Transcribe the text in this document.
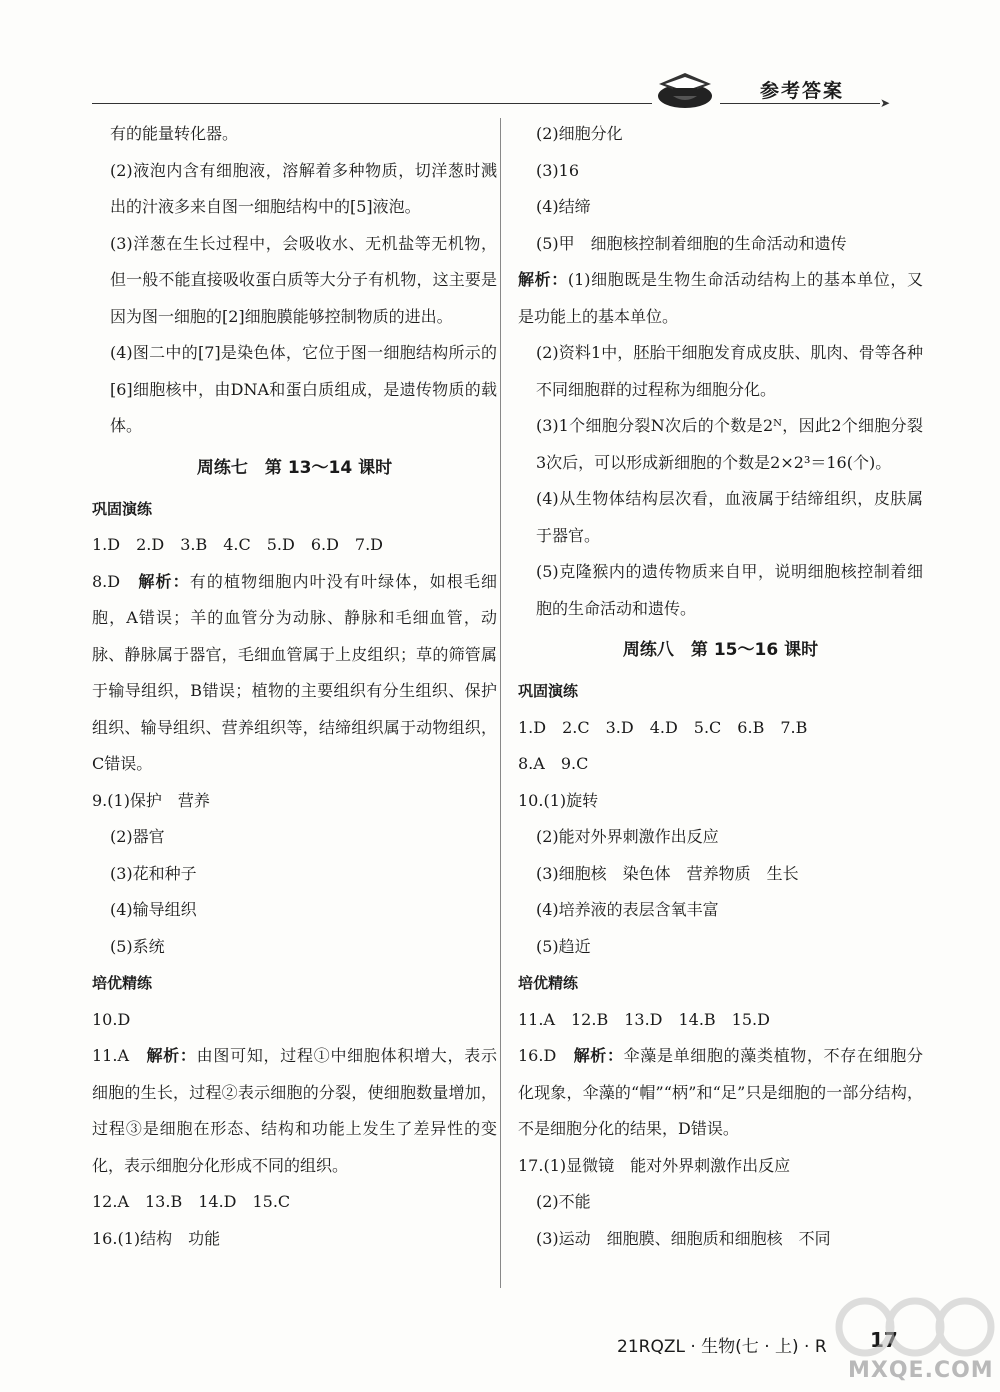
参考答案
➤

有的能量转化器。

(2)液泡内含有细胞液，溶解着多种物质，切洋葱时溅出的汁液多来自图一细胞结构中的[5]液泡。

(3)洋葱在生长过程中，会吸收水、无机盐等无机物，但一般不能直接吸收蛋白质等大分子有机物，这主要是因为图一细胞的[2]细胞膜能够控制物质的进出。

(4)图二中的[7]是染色体，它位于图一细胞结构所示的[6]细胞核中，由DNA和蛋白质组成，是遗传物质的载体。

周练七　第 13～14 课时

巩固演练

1.D　2.D　3.B　4.C　5.D　6.D　7.D

8.D　解析：有的植物细胞内叶没有叶绿体，如根毛细胞，A错误；羊的血管分为动脉、静脉和毛细血管，动脉、静脉属于器官，毛细血管属于上皮组织；草的筛管属于输导组织，B错误；植物的主要组织有分生组织、保护组织、输导组织、营养组织等，结缔组织属于动物组织，C错误。

9.(1)保护　营养

(2)器官

(3)花和种子

(4)输导组织

(5)系统

培优精练

10.D

11.A　解析：由图可知，过程①中细胞体积增大，表示细胞的生长，过程②表示细胞的分裂，使细胞数量增加，过程③是细胞在形态、结构和功能上发生了差异性的变化，表示细胞分化形成不同的组织。

12.A　13.B　14.D　15.C

16.(1)结构　功能

(2)细胞分化

(3)16

(4)结缔

(5)甲　细胞核控制着细胞的生命活动和遗传

解析：(1)细胞既是生物生命活动结构上的基本单位，又是功能上的基本单位。

(2)资料1中，胚胎干细胞发育成皮肤、肌肉、骨等各种不同细胞群的过程称为细胞分化。

(3)1个细胞分裂N次后的个数是2ᴺ，因此2个细胞分裂3次后，可以形成新细胞的个数是2×2³＝16(个)。

(4)从生物体结构层次看，血液属于结缔组织，皮肤属于器官。

(5)克隆猴内的遗传物质来自甲，说明细胞核控制着细胞的生命活动和遗传。

周练八　第 15～16 课时

巩固演练

1.D　2.C　3.D　4.D　5.C　6.B　7.B

8.A　9.C

10.(1)旋转

(2)能对外界刺激作出反应

(3)细胞核　染色体　营养物质　生长

(4)培养液的表层含氧丰富

(5)趋近

培优精练

11.A　12.B　13.D　14.B　15.D

16.D　解析：伞藻是单细胞的藻类植物，不存在细胞分化现象，伞藻的“帽”“柄”和“足”只是细胞的一部分结构，不是细胞分化的结果，D错误。

17.(1)显微镜　能对外界刺激作出反应

(2)不能

(3)运动　细胞膜、细胞质和细胞核　不同

21RQZL · 生物(七 · 上) · R 17
MXQE.COM
